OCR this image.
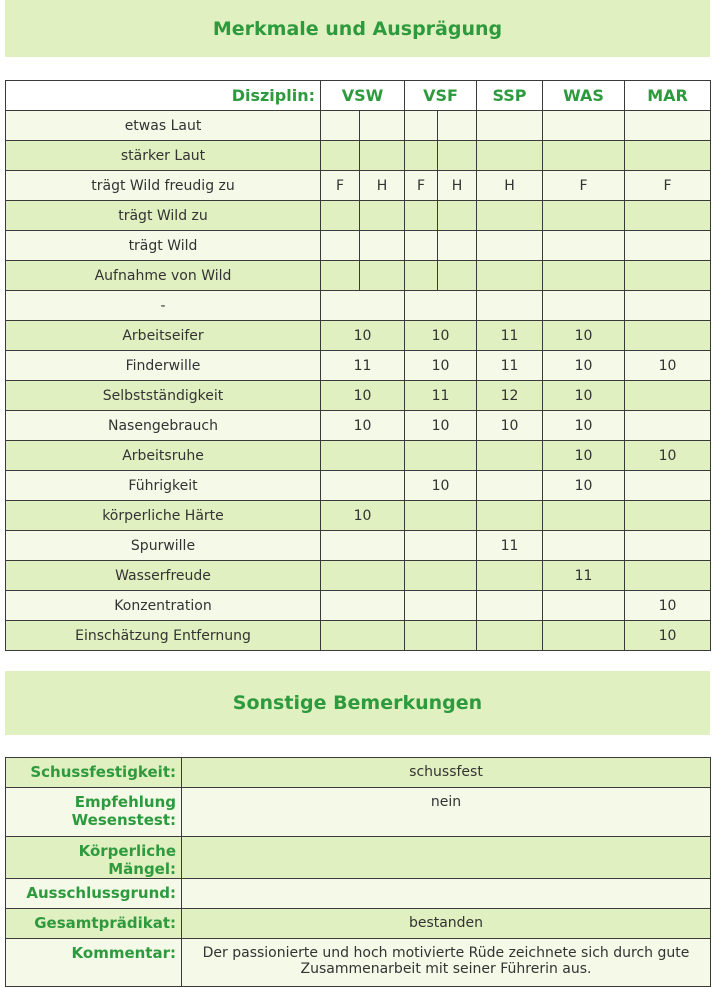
Merkmale und Ausprägung
Disziplin:	VSW		VSF		SSP	WAS	MAR
etwas Laut							
stärker Laut							
trägt Wild freudig zu	F	H	F	H	H	F	F
trägt Wild zu							
trägt Wild							
Aufnahme von Wild							
-							
Arbeitseifer	10		10		11	10	
Finderwille	11		10		11	10	10
Selbstständigkeit	10		11		12	10	
Nasengebrauch	10		10		10	10	
Arbeitsruhe						10	10
Führigkeit			10			10	
körperliche Härte	10						
Spurwille					11		
Wasserfreude						11	
Konzentration							10
Einschätzung Entfernung							10
Sonstige Bemerkungen
Schussfestigkeit:	schussfest
Empfehlung Wesenstest:	nein
Körperliche Mängel:	
Ausschlussgrund:	
Gesamtprädikat:	bestanden
Kommentar:	Der passionierte und hoch motivierte Rüde zeichnete sich durch gute Zusammenarbeit mit seiner Führerin aus.
